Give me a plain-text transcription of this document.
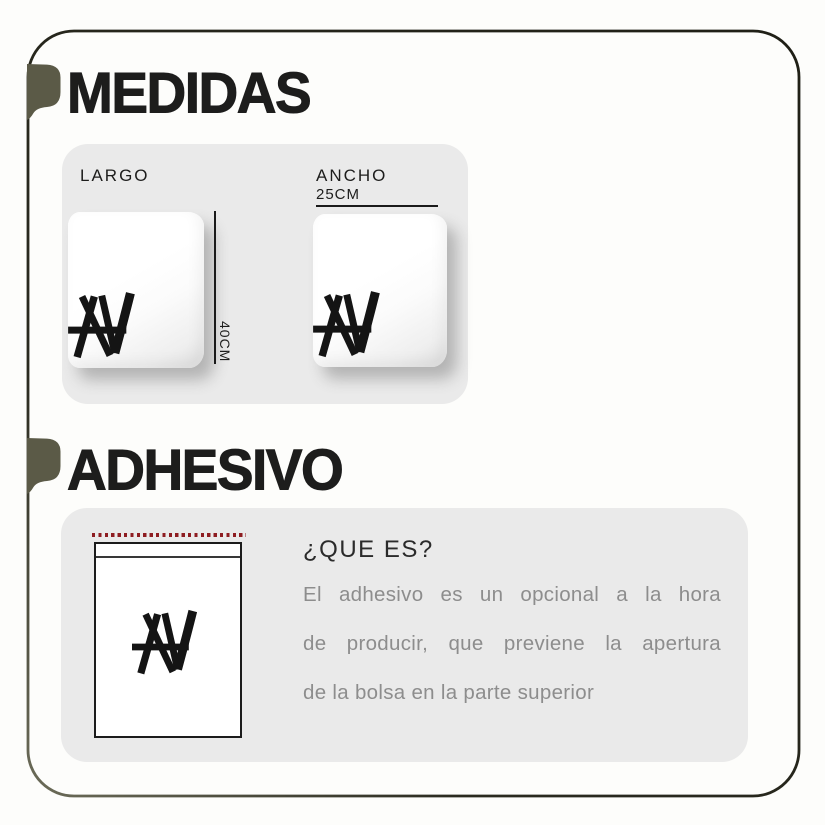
MEDIDAS
LARGO
40CM
ANCHO
25CM
ADHESIVO
¿QUE ES?
El adhesivo es un opcional a la hora
de producir, que previene la apertura
de la bolsa en la parte superior
